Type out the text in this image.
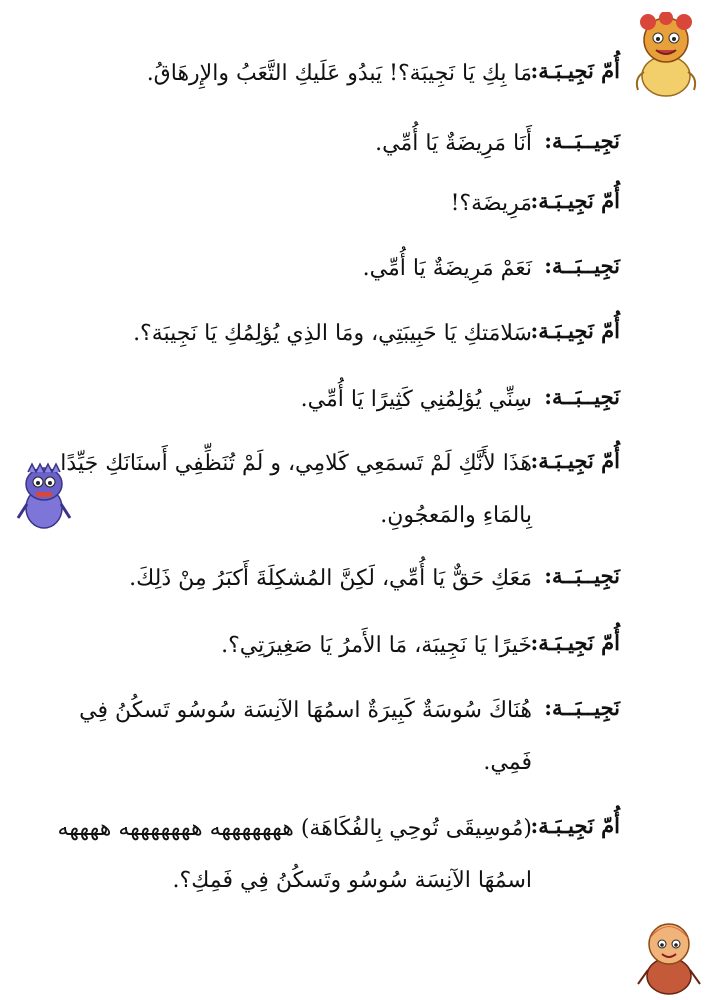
أُمّ نَجِيـبَـة:
مَا بِكِ يَا نَجِيبَة؟! يَبدُو عَلَيكِ التَّعَبُ والإِرهَاقُ.
نَجِيــبَــة:
أَنَا مَرِيضَةٌ يَا أُمِّي.
أُمّ نَجِيـبَـة:
مَرِيضَة؟!
نَجِيــبَــة:
نَعَمْ مَرِيضَةٌ يَا أُمِّي.
أُمّ نَجِيـبَـة:
سَلامَتكِ يَا حَبِيبَتِي، ومَا الذِي يُؤلِمُكِ يَا نَجِيبَة؟.
نَجِيــبَــة:
سِنِّي يُؤلِمُنِي كَثِيرًا يَا أُمِّي.
أُمّ نَجِيـبَـة:
هَذَا لأَنَّكِ لَمْ تَسمَعِي كَلامِي، و لَمْ تُنَظِّفِي أَسنَانَكِ جَيِّدًا
بِالمَاءِ والمَعجُونِ.
نَجِيــبَــة:
مَعَكِ حَقٌّ يَا أُمِّي، لَكِنَّ المُشكِلَةَ أَكبَرُ مِنْ ذَلِكَ.
أُمّ نَجِيـبَـة:
خَيرًا يَا نَجِيبَة، مَا الأَمرُ يَا صَغِيرَتِي؟.
نَجِيــبَــة:
هُنَاكَ سُوسَةٌ كَبِيرَةٌ اسمُهَا الآنِسَة سُوسُو تَسكُنُ فِي
فَمِي.
أُمّ نَجِيـبَـة:
(مُوسِيقَى تُوحِي بِالفُكَاهَة) هههههههه هههههههه ههههه
اسمُهَا الآنِسَة سُوسُو وتَسكُنُ فِي فَمِكِ؟.
